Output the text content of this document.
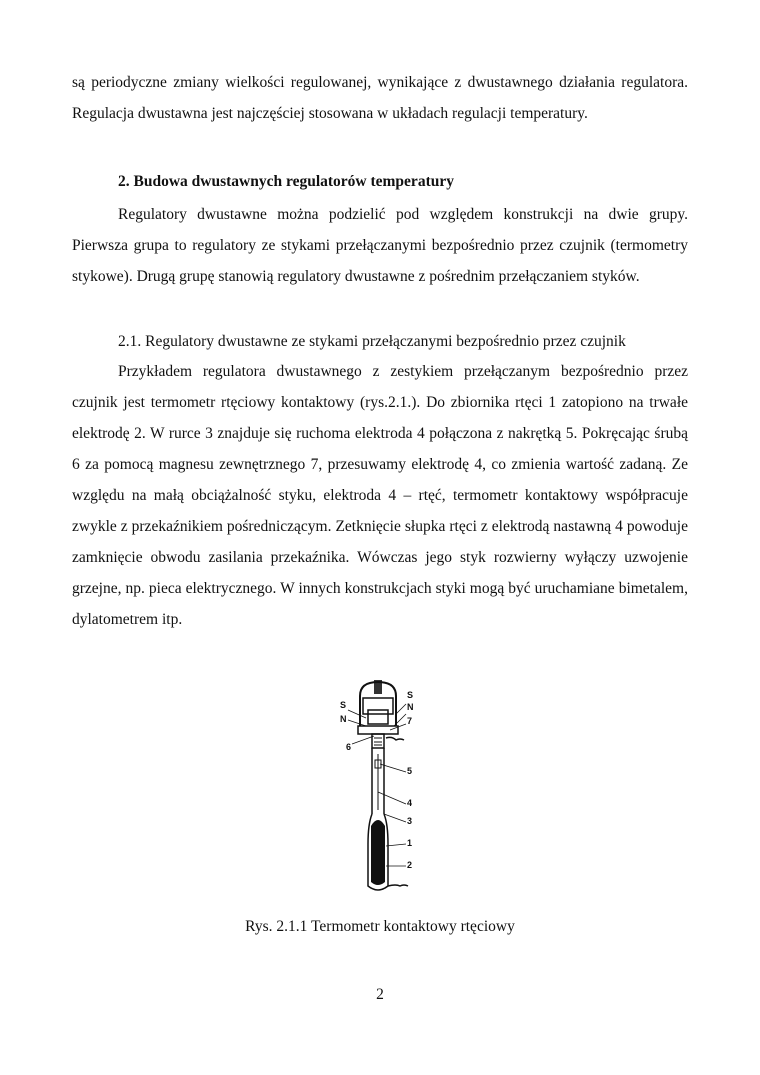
są periodyczne zmiany wielkości regulowanej, wynikające z dwustawnego działania regulatora. Regulacja dwustawna jest najczęściej stosowana w układach regulacji temperatury.

2. Budowa dwustawnych regulatorów temperatury

Regulatory dwustawne można podzielić pod względem konstrukcji na dwie grupy. Pierwsza grupa to regulatory ze stykami przełączanymi bezpośrednio przez czujnik (termometry stykowe). Drugą grupę stanowią regulatory dwustawne z pośrednim przełączaniem styków.

2.1. Regulatory dwustawne ze stykami przełączanymi bezpośrednio przez czujnik

Przykładem regulatora dwustawnego z zestykiem przełączanym bezpośrednio przez czujnik jest termometr rtęciowy kontaktowy (rys.2.1.). Do zbiornika rtęci 1 zatopiono na trwałe elektrodę 2. W rurce 3 znajduje się ruchoma elektroda 4 połączona z nakrętką 5. Pokręcając śrubą 6 za pomocą magnesu zewnętrznego 7, przesuwamy elektrodę 4, co zmienia wartość zadaną. Ze względu na małą obciążalność styku, elektroda 4 – rtęć, termometr kontaktowy współpracuje zwykle z przekaźnikiem pośredniczącym. Zetknięcie słupka rtęci z elektrodą nastawną 4 powoduje zamknięcie obwodu zasilania przekaźnika. Wówczas jego styk rozwierny wyłączy uzwojenie grzejne, np. pieca elektrycznego. W innych konstrukcjach styki mogą być uruchamiane bimetalem, dylatometrem itp.

S
N
6
S
N
7
5
4
3
1
2

Rys. 2.1.1 Termometr kontaktowy rtęciowy

2
